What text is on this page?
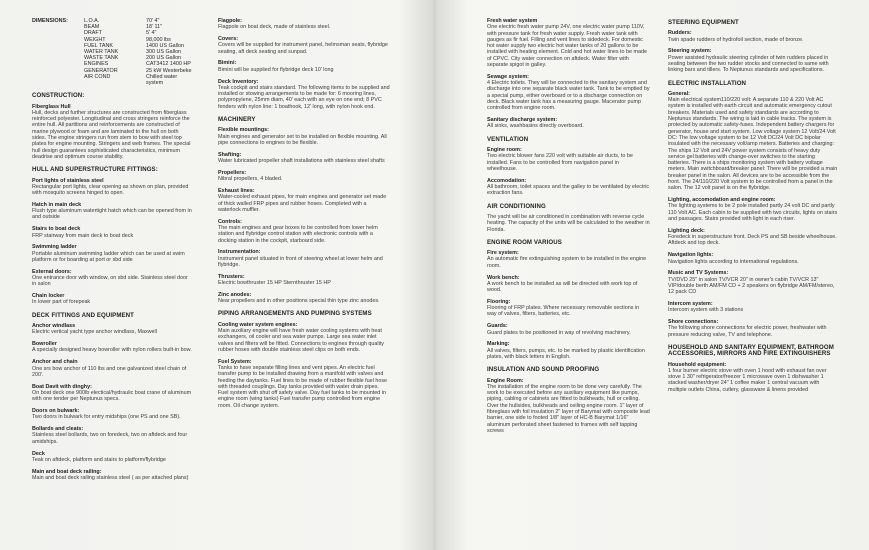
DIMENSIONS:	L.O.A.	70' 4"
	BEAM	18' 11"
	DRAFT	5' 4"
	WEIGHT	98,000 lbs
	FUEL TANK	1400 US Gallon
	WATER TANK	300 US Gallon
	WASTE TANK	200 US Gallon
	ENGINES	CAT3412 1400 HP
	GENERATOR	25 kW Westerbeke
	AIR COND	Chilled water system
CONSTRUCTION:
Fiberglass Hull
Hull, decks and further structures are constructed from fiberglass reinforced polyester. Longitudinal and cross stringers reinforce the entire hull. All partitions and reinforcements are constructed of marine plywood or foam and are laminated to the hull on both sides. The engine stringers run from stem to bow with steel top plates for engine mounting. Stringers and web frames. The special hull design guarantees sophisticated characteristics, minimum deadrise and optimum course stability.
HULL AND SUPERSTRUCTURE FITTINGS:
Port lights of stainless steel
Rectangular port lights, clear opening as shown on plan, provided with mosquito screens hinged to open.
Hatch in main deck
Flush type aluminum watertight hatch which can be opened from in and outside
Stairs to boat deck
FRP stairway from main deck to boat deck
Swimming ladder
Portable aluminum swimming ladder which can be used at swim platform or for boarding at port or sbd side
External doors:
One entrance door with window, on sbd side. Stainless steel door in salon
Chain locker
In lower part of forepeak
DECK FITTINGS AND EQUIPMENT
Anchor windlass
Electric vertical yacht type anchor windlass, Maxwell
Bowroller
A specially designed heavy bowroller with nylon rollers built-in bow.
Anchor and chain
One srs bow anchor of 110 lbs and one galvanized steel chain of 200'.
Boat Davit with dinghy:
On boat deck one 900lb electical/hydraulic boat crane of aluminum with one tender per Neptunus specs.
Doors on bulwark:
Two doors in bulwark for entry midships (one PS and one SB).
Bollards and cleats:
Stainless steel bollards, two on foredeck, two on aftdeck and four amidships.
Deck
Teak on aftdeck, platform and stairs to platform/flybridge
Main and boat deck railing:
Main and boat deck railing stainless steel ( as per attached plans)
Flagpole:
Flagpole on boat deck, made of stainless steel.
Covers:
Covers will be supplied for instrument panel, helmsman seats, flybridge seating, aft deck seating and sunpad.
Bimini:
Bimini will be supplied for flybridge deck 10' long
Deck Inventory:
Teak cockpit and stairs standard. The following items to be supplied and installed or stowing arrangements to be made for: 6 mooring lines, polypropylene, 25mm diam, 40' each with an eye on one end; 8 PVC fenders with nylon line: 1 boathook, 12' long, with nylon hook end.
MACHINERY
Flexible mountings:
Main engines and generator set to be installed on flexible mounting. All pipe connections to engines to be flexible.
Shafting:
Water lubricated propeller shaft installations with stainless steel shafts
Propellers:
Nibral propellers, 4 bladed.
Exhaust lines:
Water-cooled exhaust pipes, for main engines and generator set made of thick walled FRP pipes and rubber hoses. Completed with a waterlock muffler.
Controls:
The main engines and gear boxes to be controlled from lower helm station and flybridge control station with electronic controls with a docking station in the cockpit, starboard side.
Instrumentation:
Instrument panel situated in front of steering wheel at lower helm and flybridge.
Thrusters:
Electric bowthruster 15 HP Sternthruster 15 HP
Zinc anodes:
Near propellers and in other positions special thin type zinc anodes.
PIPING ARRANGEMENTS AND PUMPING SYSTEMS
Cooling water system engines:
Main auxiliary engine will have fresh water cooling systems with heat exchangers, oil cooler and sea water pumps. Large sea water inlet valves and filters will be fitted. Connections to engines through quality rubber hoses with double stainless steel clips on both ends.
Fuel System:
Tanks to have separate filling lines and vent pipes. An electric fuel transfer pump to be installed drawing from a manifold with valves and feeding the daytanks. Fuel lines to be made of rubber flexible fuel hose with threaded couplings. Day tanks provided with water drain pipes. Fuel system with shut off safety valve. Day fuel tanks to be mounted in engine room (wing tanks) Fuel transfer pump controlled from engine room. Oil change system.
Fresh water system
One electric fresh water pump 24V, one electric water pump 110V, with pressure tank for fresh water supply. Fresh water tank with gauges as fir fuel. Filling and vent lines to sidedeck. For domestic hot water supply two electric hot water tanks of 20 gallons to be installed with heating element. Cold and hot water lines to be made of CPVC. City water connection on aftdeck. Water filter with separate spigot in galley.
Sewage system:
4 Electric toilets. They will be connected to the sanitary system and discharge into one separate black water tank. Tank to be emptied by a special pump, either overboard or to a discharge connection on deck. Black water tank has a measuring gauge. Macerator pump controlled from engine room.
Sanitary discharge system:
All sinks, washbasins directly overboard.
VENTILATION
Engine room:
Two electric blower fans 220 volt with suitable air ducts, to be installed. Fans to be controlled from navigation panel in wheelhouse.
Accomodation:
All bathroom, toilet spaces and the galley to be ventilated by electric extraction fans.
AIR CONDITIONING
The yacht will be air conditioned in combination with reverse cycle heating. The capacity of the units will be calculated to the weather in Florida.
ENGINE ROOM VARIOUS
Fire system:
An automatic fire extinguishing system to be installed in the engine room.
Work bench:
A work bench to be installed as will be directed with work top of wood.
Flooring:
Flooring of FRP plates. Where necessary removable sections in way of valves, filters, batteries, etc.
Guards:
Guard plates to be positioned in way of revolving machinery.
Marking:
All valves, filters, pumps, etc. to be marked by plastic identification plates, with black letters in English.
INSULATION AND SOUND PROOFING
Engine Room:
The installation of the engine room to be done very carefully. The work to be executed before any auxiliary equipment like pumps, piping, cabling or cabinets are fitted to bulkheads, hull or ceiling. Over the hullsides, bulkheads and ceiling engine room. 1" layer of fibreglass with foil insulation 2" layer of Barymat with composite lead barrier, one side to footed 1/8" layer of HC-B Barymat 1/16" aluminum perforated sheet fastened to frames with self tapping screws
STEERING EQUIPMENT
Rudders:
Twin spade rudders of hydrofoil section, made of bronze.
Steering system:
Power assisted hydraulic steering cylinder of twin rudders placed in seating between the two rudder stocks and connected to same with linking bars and tillers. To Neptunus standards and specifications.
ELECTRIC INSTALLATION
General:
Main electrical system110/220 volt: A separate 110 & 220 Volt AC system is installed with earth circuit and automatic emergency cutout breakers. Materials used and safety standards are according to Neptunus standards. The wiring is laid in cable tracks. The system is protected by automatic safety-fuses. Independent battery chargers for generator, house and start system. Low voltage system 12 Volt/24 Volt DC: The low voltage system to be 12 Volt DC/24 Volt DC bipolar insulated with the necessary volt/amp meters. Batteries and charging: The ships 12 Volt and 24V power system consists of heavy duty service gel batteries with change-over switches to the starting batteries. There is a ships monitoring system with battery voltage meters. Main switchboard/breaker panel: There will be provided a main breaker panel in the salon. All devices are to be accessible from the front. The 24/110/220 Volt system to be controlled from a panel in the salon. The 12 volt panel is on the flybridge.
Lighting, accomodation and engine room:
The lighting systems to be 2 pole installed partly 24 volt DC and partly 110 Volt AC. Each cabin to be supplied with two circuits, lights on stairs and passages. Stairs provided with light in each riser.
Lighting deck:
Foredeck in superstructure front. Deck PS and SB beside wheelhouse. Aftdeck and top deck.
Navigation lights:
Navigation lights according to international regulations.
Music and TV Systems:
TV/DVD 25" in salon TV/VCR 20" in owner's cabin TV/VCR 13" VIP/double berth AM/FM CD + 2 speakers on flybridge AM/FM/stereo, 12 pack CD
Intercom system:
Intercom system with 3 stations
Shore connections:
The following shore connections for electric power, freshwater with pressure reducing valve, TV and telephone.
HOUSEHOLD AND SANITARY EQUIPMENT, BATHROOM ACCESSORIES, MIRRORS AND FIRE EXTINGUISHERS
Household equipment:
1 four burner electric stove with oven 1 hood with exhaust fan over stove 1 30" refrigerator/freezer 1 microwave oven 1 dishwasher 1 stacked washer/dryer 24" 1 coffee maker 1 central vacuum with multiple outlets China, cutlery, glassware & linens provided
